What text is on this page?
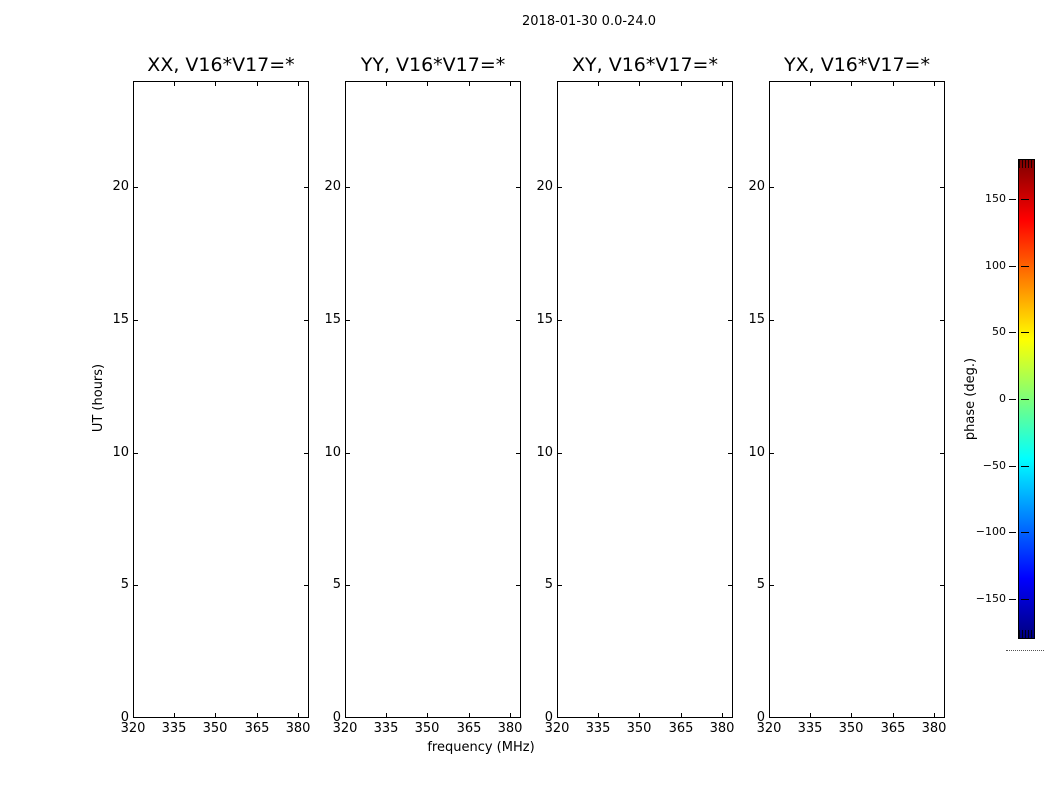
2018-01-30 0.0-24.0
XX, V16*V17=*
0
5
10
15
20
320	335	350	365	380
YY, V16*V17=*
0
5
10
15
20
320	335	350	365	380
XY, V16*V17=*
0
5
10
15
20
320	335	350	365	380
YX, V16*V17=*
0
5
10
15
20
320	335	350	365	380
UT (hours)
frequency (MHz)
150
100
50
0
−50
−100
−150
phase (deg.)
